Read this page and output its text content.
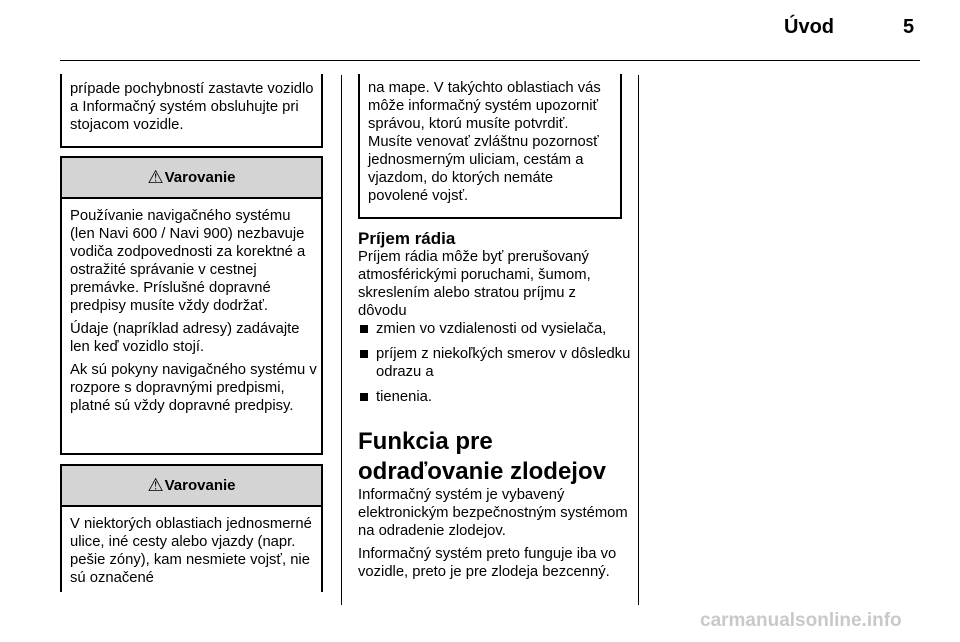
Úvod	5
prípade pochybností zastavte vozidlo a Informačný systém obsluhujte pri stojacom vozidle.
⚠ Varovanie

Používanie navigačného systému (len Navi 600 / Navi 900) nezbavuje vodiča zodpovednosti za korektné a ostražité správanie v cestnej premávke. Príslušné dopravné predpisy musíte vždy dodržať.

Údaje (napríklad adresy) zadávajte len keď vozidlo stojí.

Ak sú pokyny navigačného systému v rozpore s dopravnými predpismi, platné sú vždy dopravné predpisy.

⚠ Varovanie

V niektorých oblastiach jednosmerné ulice, iné cesty alebo vjazdy (napr. pešie zóny), kam nesmiete vojsť, nie sú označené

na mape. V takýchto oblastiach vás môže informačný systém upozorniť správou, ktorú musíte potvrdiť. Musíte venovať zvláštnu pozornosť jednosmerným uliciam, cestám a vjazdom, do ktorých nemáte povolené vojsť.
Príjem rádia
Príjem rádia môže byť prerušovaný atmosférickými poruchami, šumom, skreslením alebo stratou príjmu z dôvodu
zmien vo vzdialenosti od vysielača,
príjem z niekoľkých smerov v dôsledku odrazu a
tienenia.
Funkcia pre odraďovanie zlodejov
Informačný systém je vybavený elektronickým bezpečnostným systémom na odradenie zlodejov.
Informačný systém preto funguje iba vo vozidle, preto je pre zlodeja bezcenný.
carmanualsonline.info
